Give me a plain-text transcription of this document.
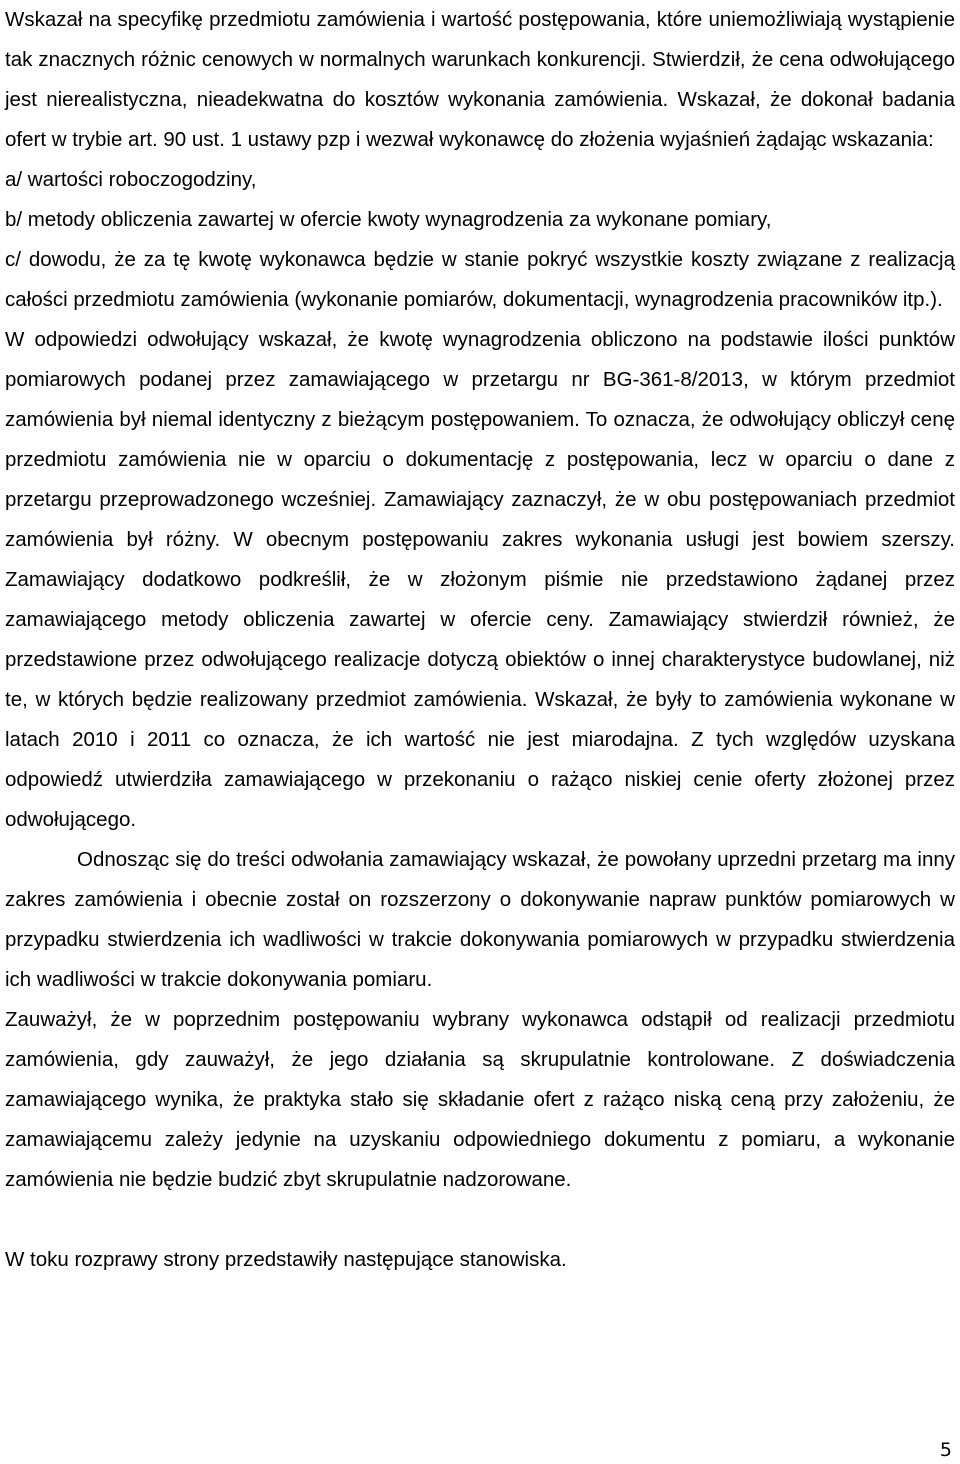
Wskazał na specyfikę przedmiotu zamówienia i wartość postępowania, które uniemożliwiają wystąpienie tak znacznych różnic cenowych w normalnych warunkach konkurencji. Stwierdził, że cena odwołującego jest nierealistyczna, nieadekwatna do kosztów wykonania zamówienia. Wskazał, że dokonał badania ofert w trybie art. 90 ust. 1 ustawy pzp i wezwał wykonawcę do złożenia wyjaśnień żądając wskazania:

a/ wartości roboczogodziny,

b/ metody obliczenia zawartej w ofercie kwoty wynagrodzenia za wykonane pomiary,

c/ dowodu, że za tę kwotę wykonawca będzie w stanie pokryć wszystkie koszty związane z realizacją całości przedmiotu zamówienia (wykonanie pomiarów, dokumentacji, wynagrodzenia pracowników itp.).

W odpowiedzi odwołujący wskazał, że kwotę wynagrodzenia obliczono na podstawie ilości punktów pomiarowych podanej przez zamawiającego w przetargu nr BG-361-8/2013, w którym przedmiot zamówienia był niemal identyczny z bieżącym postępowaniem. To oznacza, że odwołujący obliczył cenę przedmiotu zamówienia nie w oparciu o dokumentację z postępowania, lecz w oparciu o dane z przetargu przeprowadzonego wcześniej. Zamawiający zaznaczył, że w obu postępowaniach przedmiot zamówienia był różny. W obecnym postępowaniu zakres wykonania usługi jest bowiem szerszy. Zamawiający dodatkowo podkreślił, że w złożonym piśmie nie przedstawiono żądanej przez zamawiającego metody obliczenia zawartej w ofercie ceny. Zamawiający stwierdził również, że przedstawione przez odwołującego realizacje dotyczą obiektów o innej charakterystyce budowlanej, niż te, w których będzie realizowany przedmiot zamówienia. Wskazał, że były to zamówienia wykonane w latach 2010 i 2011 co oznacza, że ich wartość nie jest miarodajna. Z tych względów uzyskana odpowiedź utwierdziła zamawiającego w przekonaniu o rażąco niskiej cenie oferty złożonej przez odwołującego.

Odnosząc się do treści odwołania zamawiający wskazał, że powołany uprzedni przetarg ma inny zakres zamówienia i obecnie został on rozszerzony o dokonywanie napraw punktów pomiarowych w przypadku stwierdzenia ich wadliwości w trakcie dokonywania pomiarowych w przypadku stwierdzenia ich wadliwości w trakcie dokonywania pomiaru.

Zauważył, że w poprzednim postępowaniu wybrany wykonawca odstąpił od realizacji przedmiotu zamówienia, gdy zauważył, że jego działania są skrupulatnie kontrolowane. Z doświadczenia zamawiającego wynika, że praktyka stało się składanie ofert z rażąco niską ceną przy założeniu, że zamawiającemu zależy jedynie na uzyskaniu odpowiedniego dokumentu z pomiaru, a wykonanie zamówienia nie będzie budzić zbyt skrupulatnie nadzorowane.

W toku rozprawy strony przedstawiły następujące stanowiska.

5
